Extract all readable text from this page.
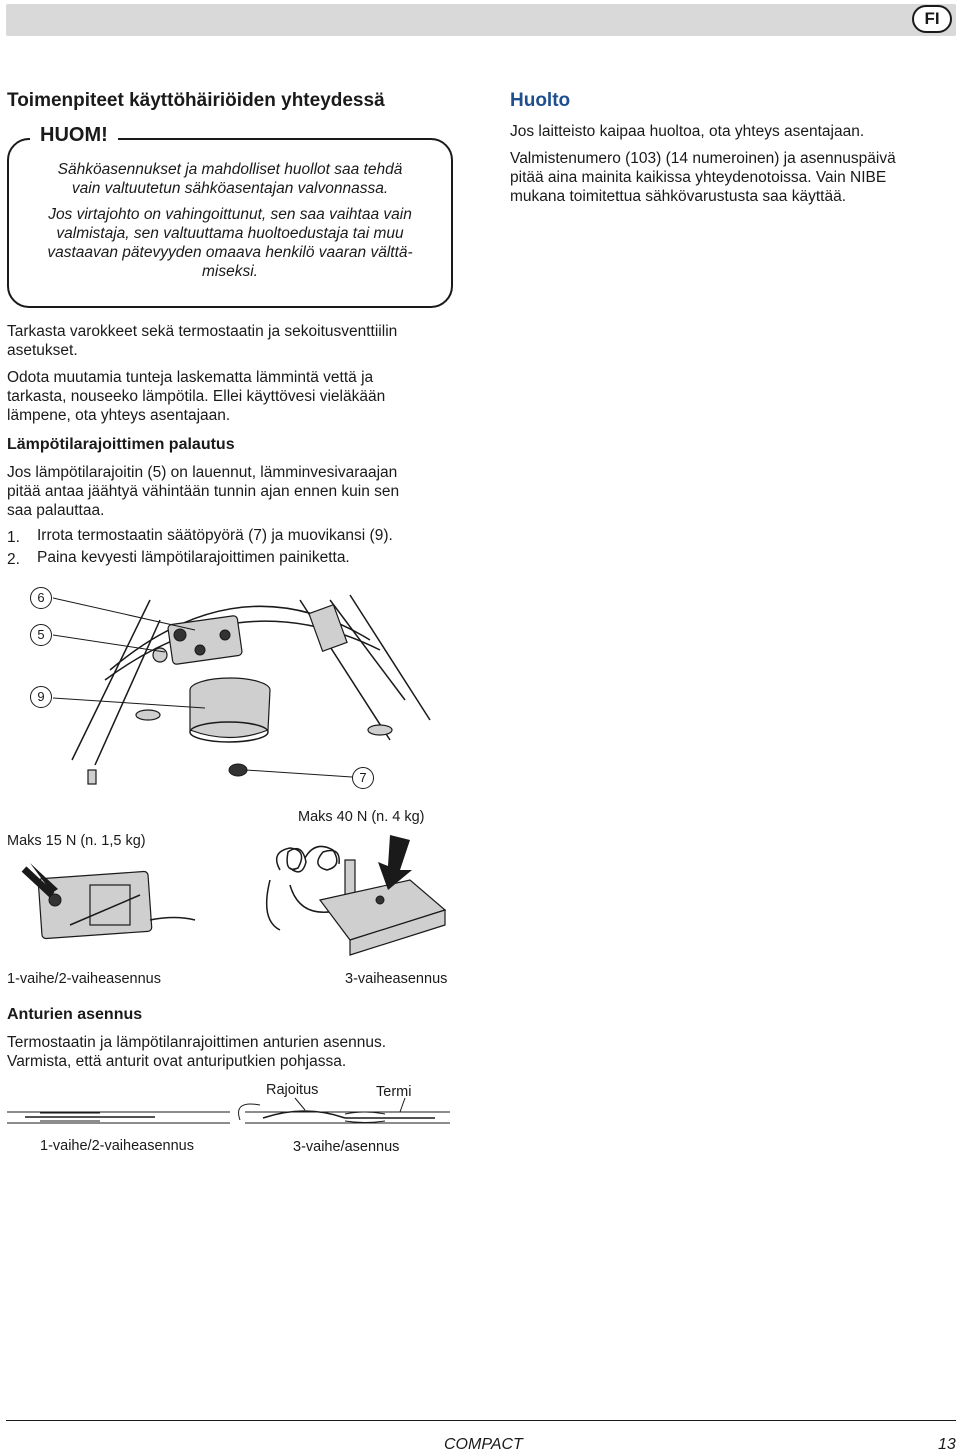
FI
Toimenpiteet käyttöhäiriöiden yhteydessä
HUOM!
Sähköasennukset ja mahdolliset huollot saa tehdä
vain valtuutetun sähköasentajan valvonnassa.
Jos virtajohto on vahingoittunut, sen saa vaihtaa vain
valmistaja, sen valtuuttama huoltoedustaja tai muu
vastaavan pätevyyden omaava henkilö vaaran välttä-
miseksi.
Huolto
Jos laitteisto kaipaa huoltoa, ota yhteys asentajaan.
Valmistenumero (103) (14 numeroinen) ja asennuspäivä
pitää aina mainita kaikissa yhteydenotoissa. Vain NIBE
mukana toimitettua sähkövarustusta saa käyttää.
Tarkasta varokkeet sekä termostaatin ja sekoitusventtiilin
asetukset.
Odota muutamia tunteja laskematta lämmintä vettä ja
tarkasta, nouseeko lämpötila. Ellei käyttövesi vieläkään
lämpene, ota yhteys asentajaan.
Lämpötilarajoittimen palautus
Jos lämpötilarajoitin (5) on lauennut, lämminvesivaraajan
pitää antaa jäähtyä vähintään tunnin ajan ennen kuin sen
saa palauttaa.
1.	Irrota termostaatin säätöpyörä (7) ja muovikansi (9).
2.	Paina kevyesti lämpötilarajoittimen painiketta.
6
5
9
7
Maks 15 N (n. 1,5 kg)
Maks 40 N (n. 4 kg)
1-vaihe/2-vaiheasennus	3-vaiheasennus
Anturien asennus
Termostaatin ja lämpötilanrajoittimen anturien asennus.
Varmista, että anturit ovat anturiputkien pohjassa.
Rajoitus	Termi
1-vaihe/2-vaiheasennus	3-vaihe/asennus
COMPACT	13
